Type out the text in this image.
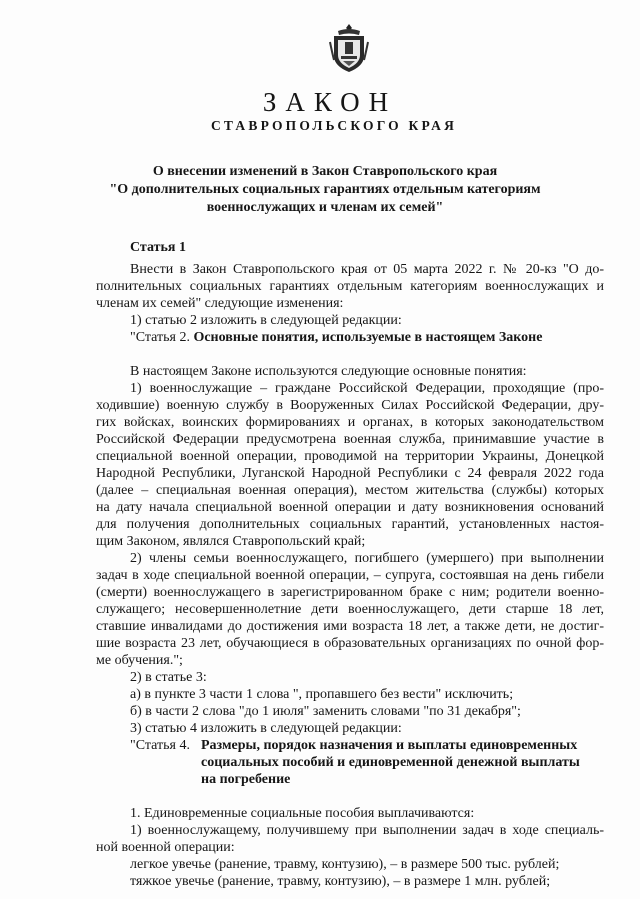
ЗАКОН
СТАВРОПОЛЬСКОГО КРАЯ
О внесении изменений в Закон Ставропольского края
"О дополнительных социальных гарантиях отдельным категориям
военнослужащих и членам их семей"
Статья 1
Внести в Закон Ставропольского края от 05 марта 2022 г. № 20-кз "О до-
полнительных социальных гарантиях отдельным категориям военнослужащих и
членам их семей" следующие изменения:
1) статью 2 изложить в следующей редакции:
"Статья 2. Основные понятия, используемые в настоящем Законе
В настоящем Законе используются следующие основные понятия:
1) военнослужащие – граждане Российской Федерации, проходящие (про-
ходившие) военную службу в Вооруженных Силах Российской Федерации, дру-
гих войсках, воинских формированиях и органах, в которых законодательством
Российской Федерации предусмотрена военная служба, принимавшие участие в
специальной военной операции, проводимой на территории Украины, Донецкой
Народной Республики, Луганской Народной Республики с 24 февраля 2022 года
(далее – специальная военная операция), местом жительства (службы) которых
на дату начала специальной военной операции и дату возникновения оснований
для получения дополнительных социальных гарантий, установленных настоя-
щим Законом, являлся Ставропольский край;
2) члены семьи военнослужащего, погибшего (умершего) при выполнении
задач в ходе специальной военной операции, – супруга, состоявшая на день гибели
(смерти) военнослужащего в зарегистрированном браке с ним; родители военно-
служащего; несовершеннолетние дети военнослужащего, дети старше 18 лет,
ставшие инвалидами до достижения ими возраста 18 лет, а также дети, не достиг-
шие возраста 23 лет, обучающиеся в образовательных организациях по очной фор-
ме обучения.";
2) в статье 3:
а) в пункте 3 части 1 слова ", пропавшего без вести" исключить;
б) в части 2 слова "до 1 июля" заменить словами "по 31 декабря";
3) статью 4 изложить в следующей редакции:
"Статья 4. Размеры, порядок назначения и выплаты единовременных
социальных пособий и единовременной денежной выплаты
на погребение
1. Единовременные социальные пособия выплачиваются:
1) военнослужащему, получившему при выполнении задач в ходе специаль-
ной военной операции:
легкое увечье (ранение, травму, контузию), – в размере 500 тыс. рублей;
тяжкое увечье (ранение, травму, контузию), – в размере 1 млн. рублей;
